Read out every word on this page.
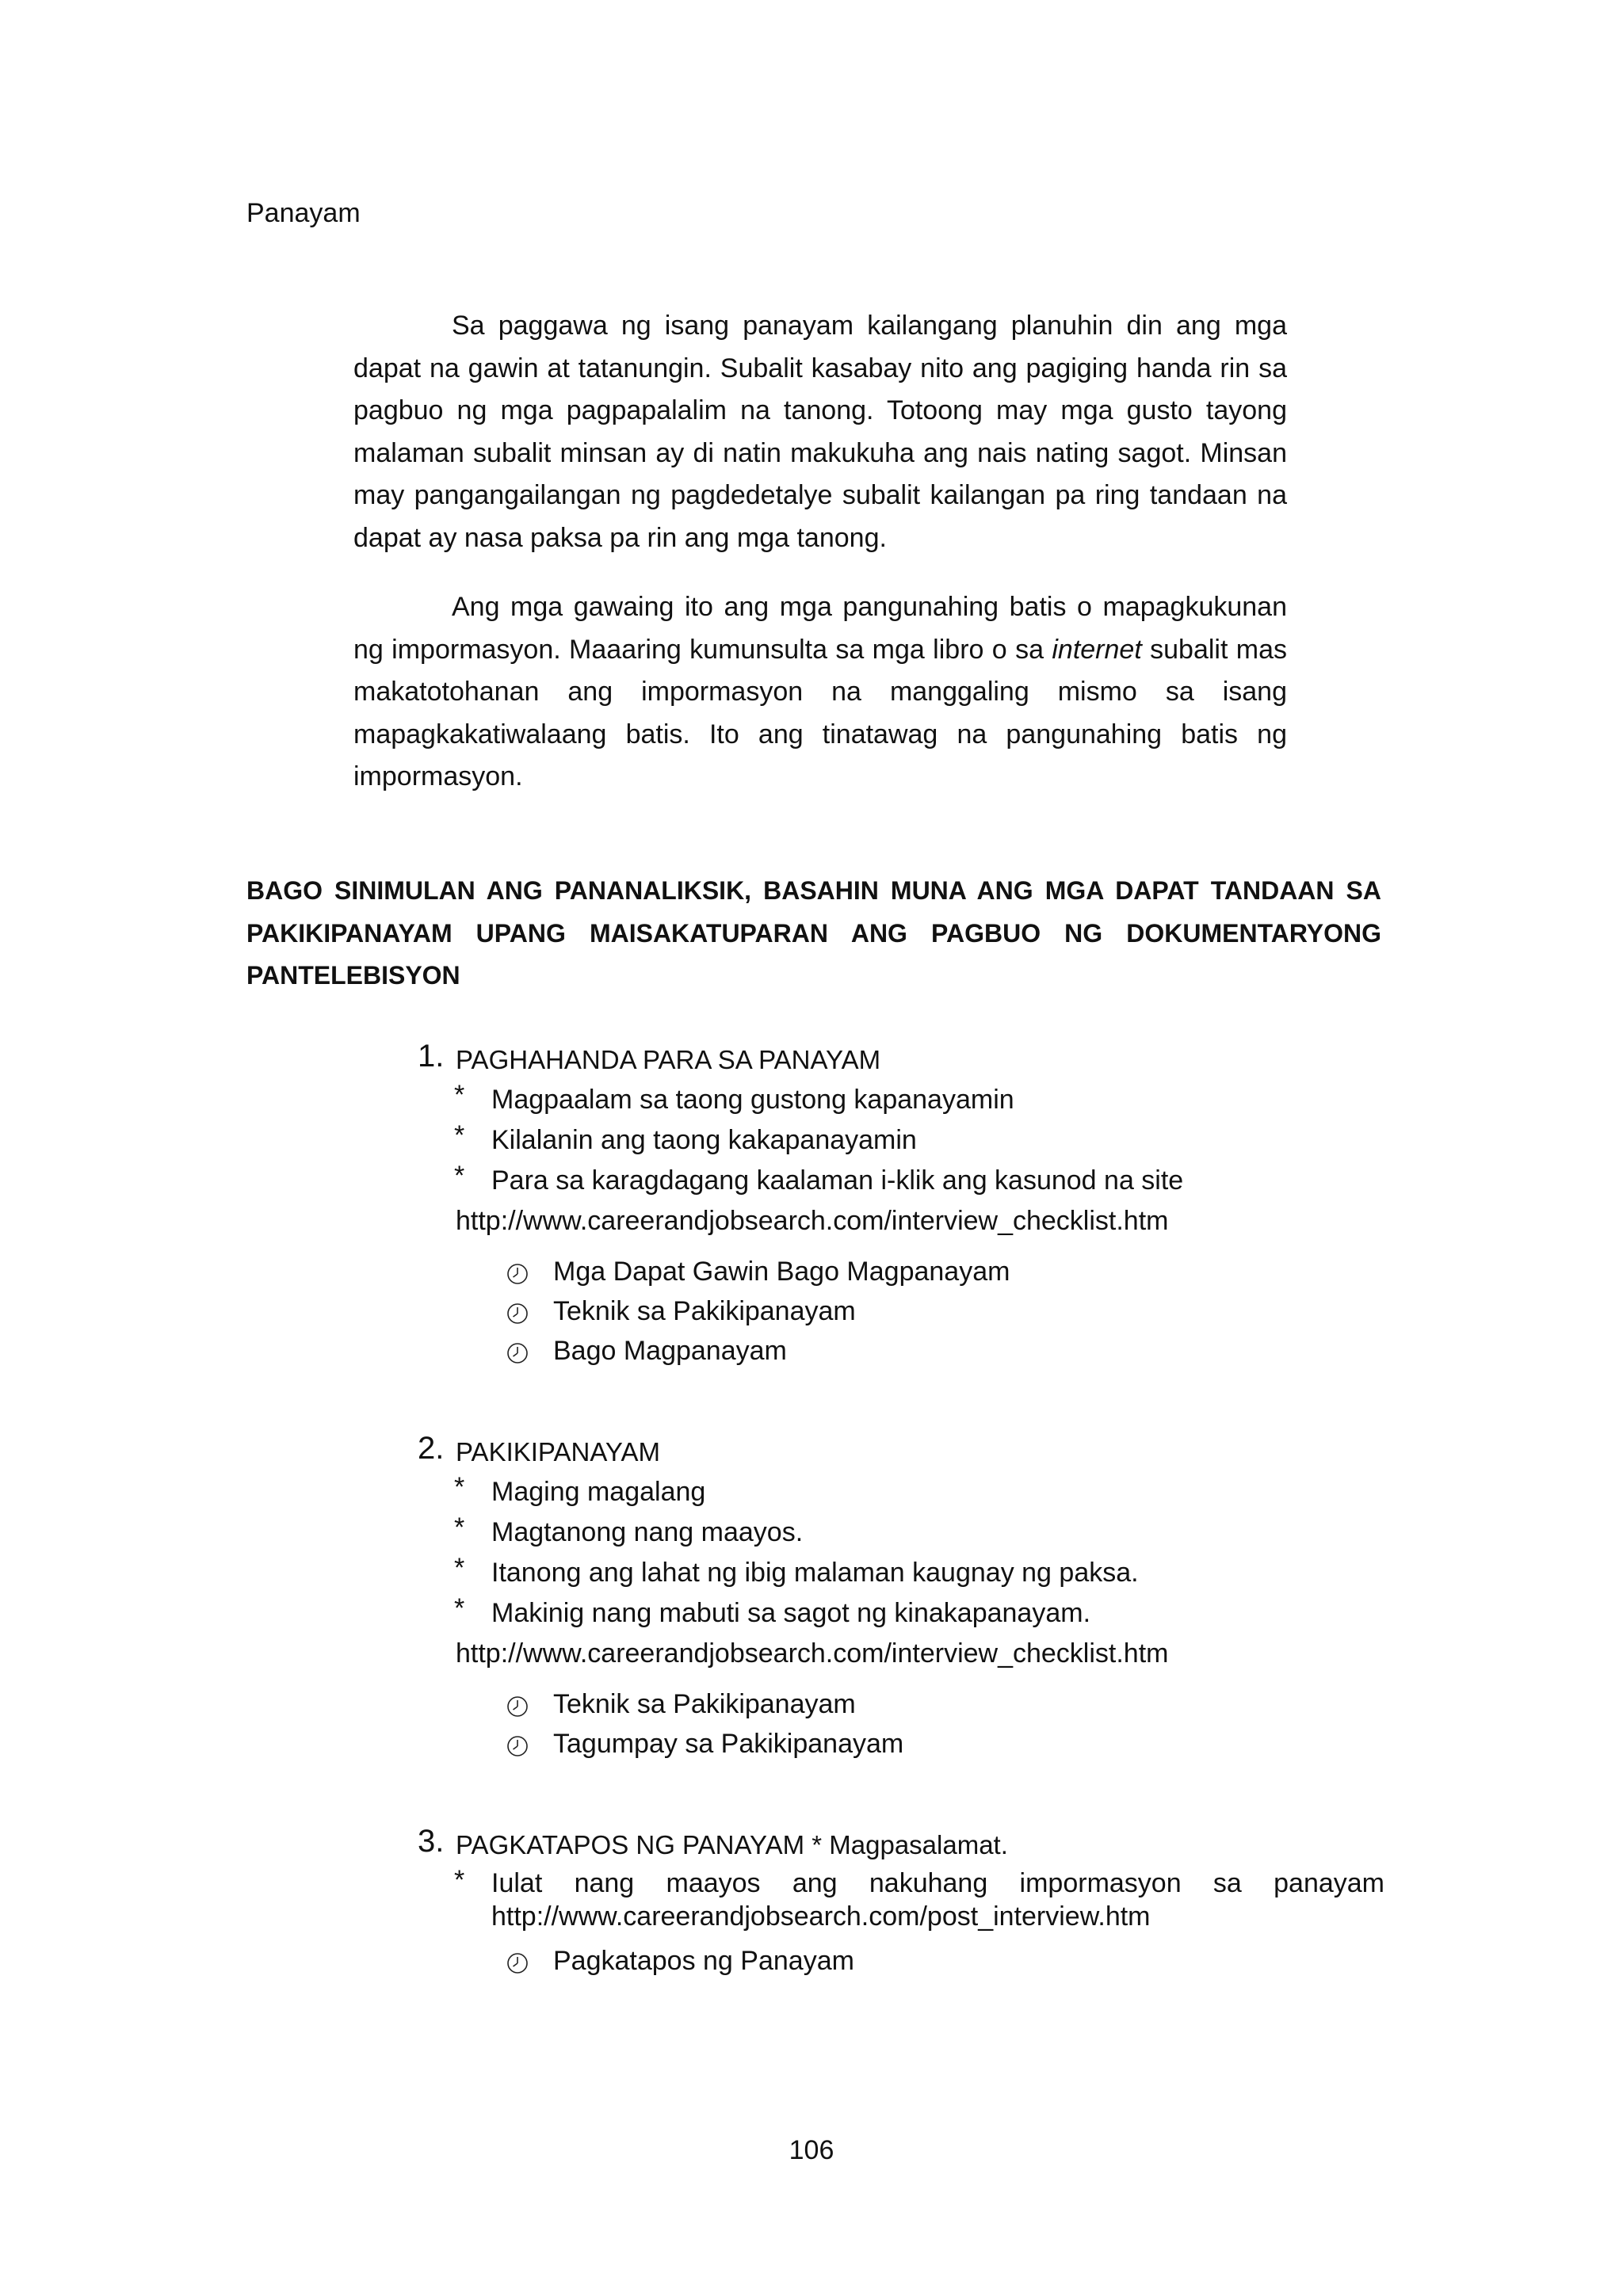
Panayam

Sa paggawa ng isang panayam kailangang planuhin din ang mga dapat na gawin at tatanungin. Subalit kasabay nito ang pagiging handa rin sa pagbuo ng mga pagpapalalim na tanong. Totoong may mga gusto tayong malaman subalit minsan ay di natin makukuha ang nais nating sagot. Minsan may pangangailangan ng pagdedetalye subalit kailangan pa ring tandaan na dapat ay nasa paksa pa rin ang mga tanong.

Ang mga gawaing ito ang mga pangunahing batis o mapagkukunan ng impormasyon. Maaaring kumunsulta sa mga libro o sa internet subalit mas makatotohanan ang impormasyon na manggaling mismo sa isang mapagkakatiwalaang batis. Ito ang tinatawag na pangunahing batis ng impormasyon.

BAGO SINIMULAN ANG PANANALIKSIK, BASAHIN MUNA ANG MGA DAPAT TANDAAN SA PAKIKIPANAYAM UPANG MAISAKATUPARAN ANG PAGBUO NG DOKUMENTARYONG PANTELEBISYON

1. PAGHAHANDA PARA SA PANAYAM
* Magpaalam sa taong gustong kapanayamin
* Kilalanin ang taong kakapanayamin
* Para sa karagdagang kaalaman i-klik ang kasunod na site
http://www.careerandjobsearch.com/interview_checklist.htm
Mga Dapat Gawin Bago Magpanayam
Teknik sa Pakikipanayam
Bago Magpanayam
2. PAKIKIPANAYAM
* Maging magalang
* Magtanong nang maayos.
* Itanong ang lahat ng ibig malaman kaugnay ng paksa.
* Makinig nang mabuti sa sagot ng kinakapanayam.
http://www.careerandjobsearch.com/interview_checklist.htm
Teknik sa Pakikipanayam
Tagumpay sa Pakikipanayam
3. PAGKATAPOS NG PANAYAM * Magpasalamat.
* Iulat nang maayos ang nakuhang impormasyon sa panayam
http://www.careerandjobsearch.com/post_interview.htm
Pagkatapos ng Panayam
106
